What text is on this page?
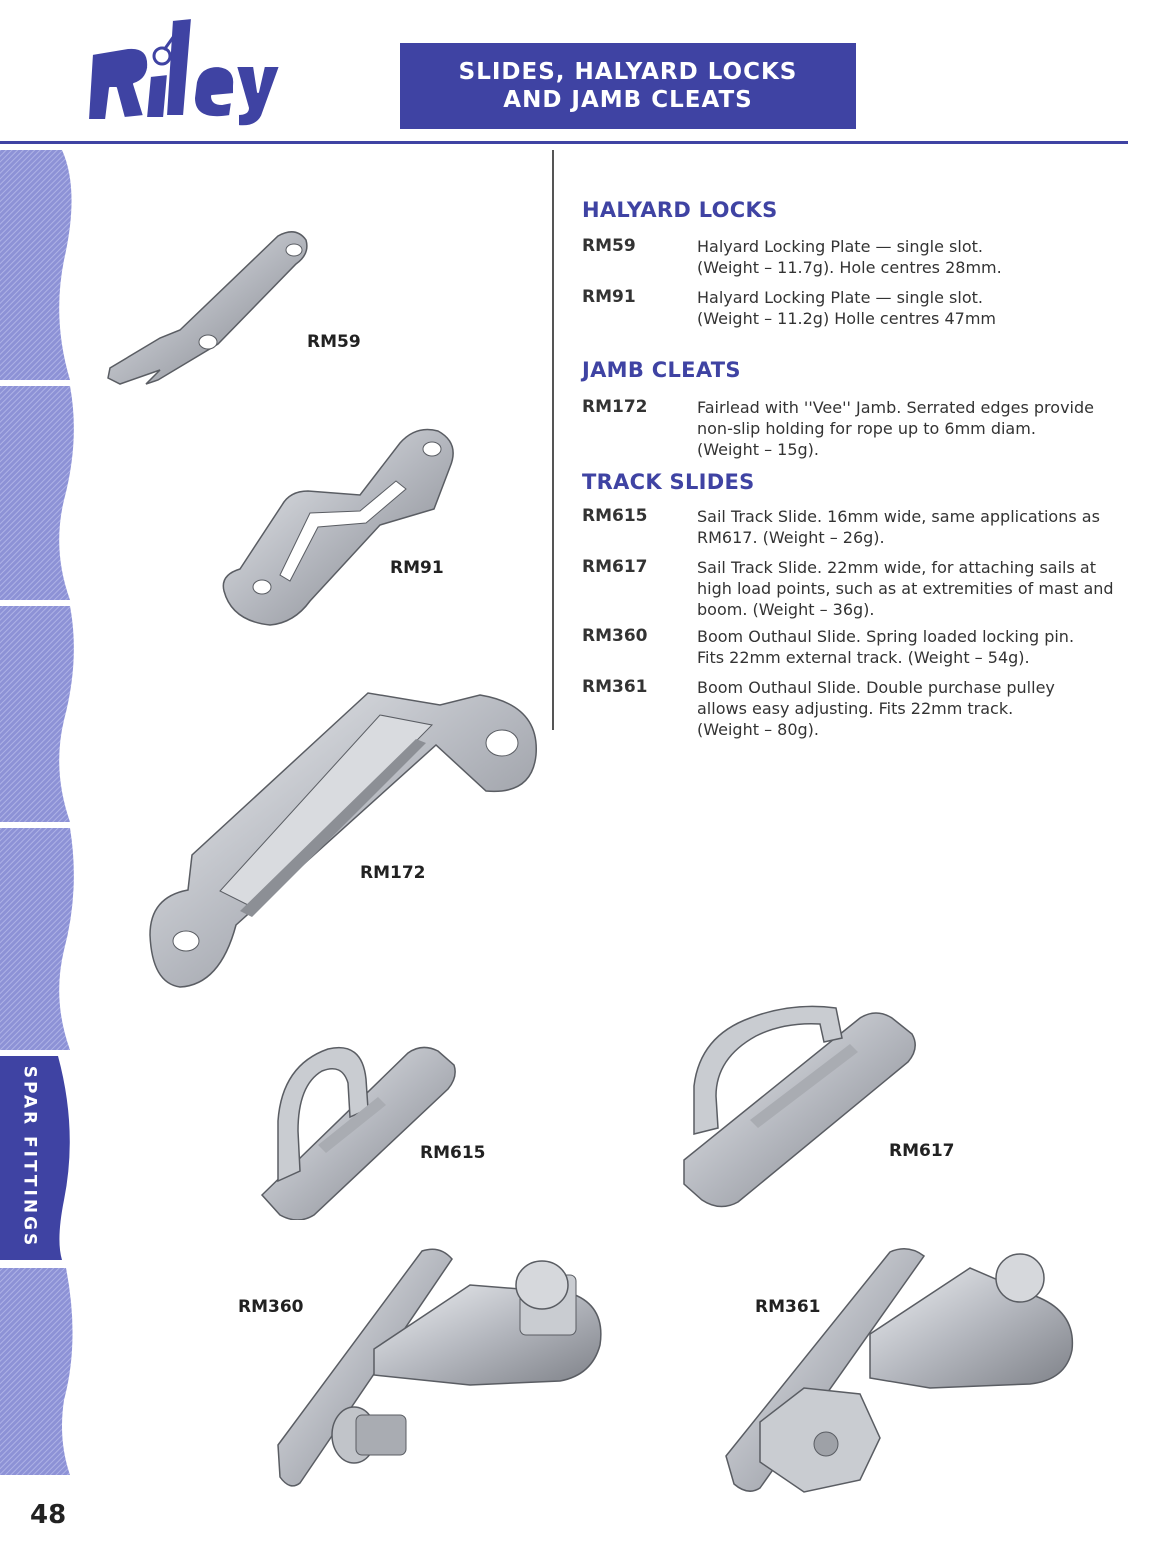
SLIDES, HALYARD LOCKS
AND JAMB CLEATS
SPAR FITTINGS
HALYARD LOCKS
RM59	Halyard Locking Plate — single slot.
(Weight – 11.7g). Hole centres 28mm.
RM91	Halyard Locking Plate — single slot.
(Weight – 11.2g) Holle centres 47mm
JAMB CLEATS
RM172	Fairlead with ''Vee'' Jamb. Serrated edges provide
non-slip holding for rope up to 6mm diam.
(Weight – 15g).
TRACK SLIDES
RM615	Sail Track Slide. 16mm wide, same applications as
RM617. (Weight – 26g).
RM617	Sail Track Slide. 22mm wide, for attaching sails at
high load points, such as at extremities of mast and
boom. (Weight – 36g).
RM360	Boom Outhaul Slide. Spring loaded locking pin.
Fits 22mm external track. (Weight – 54g).
RM361	Boom Outhaul Slide. Double purchase pulley
allows easy adjusting. Fits 22mm track.
(Weight – 80g).
RM59
RM91
RM172
RM615	RM617
RM360	RM361
48
